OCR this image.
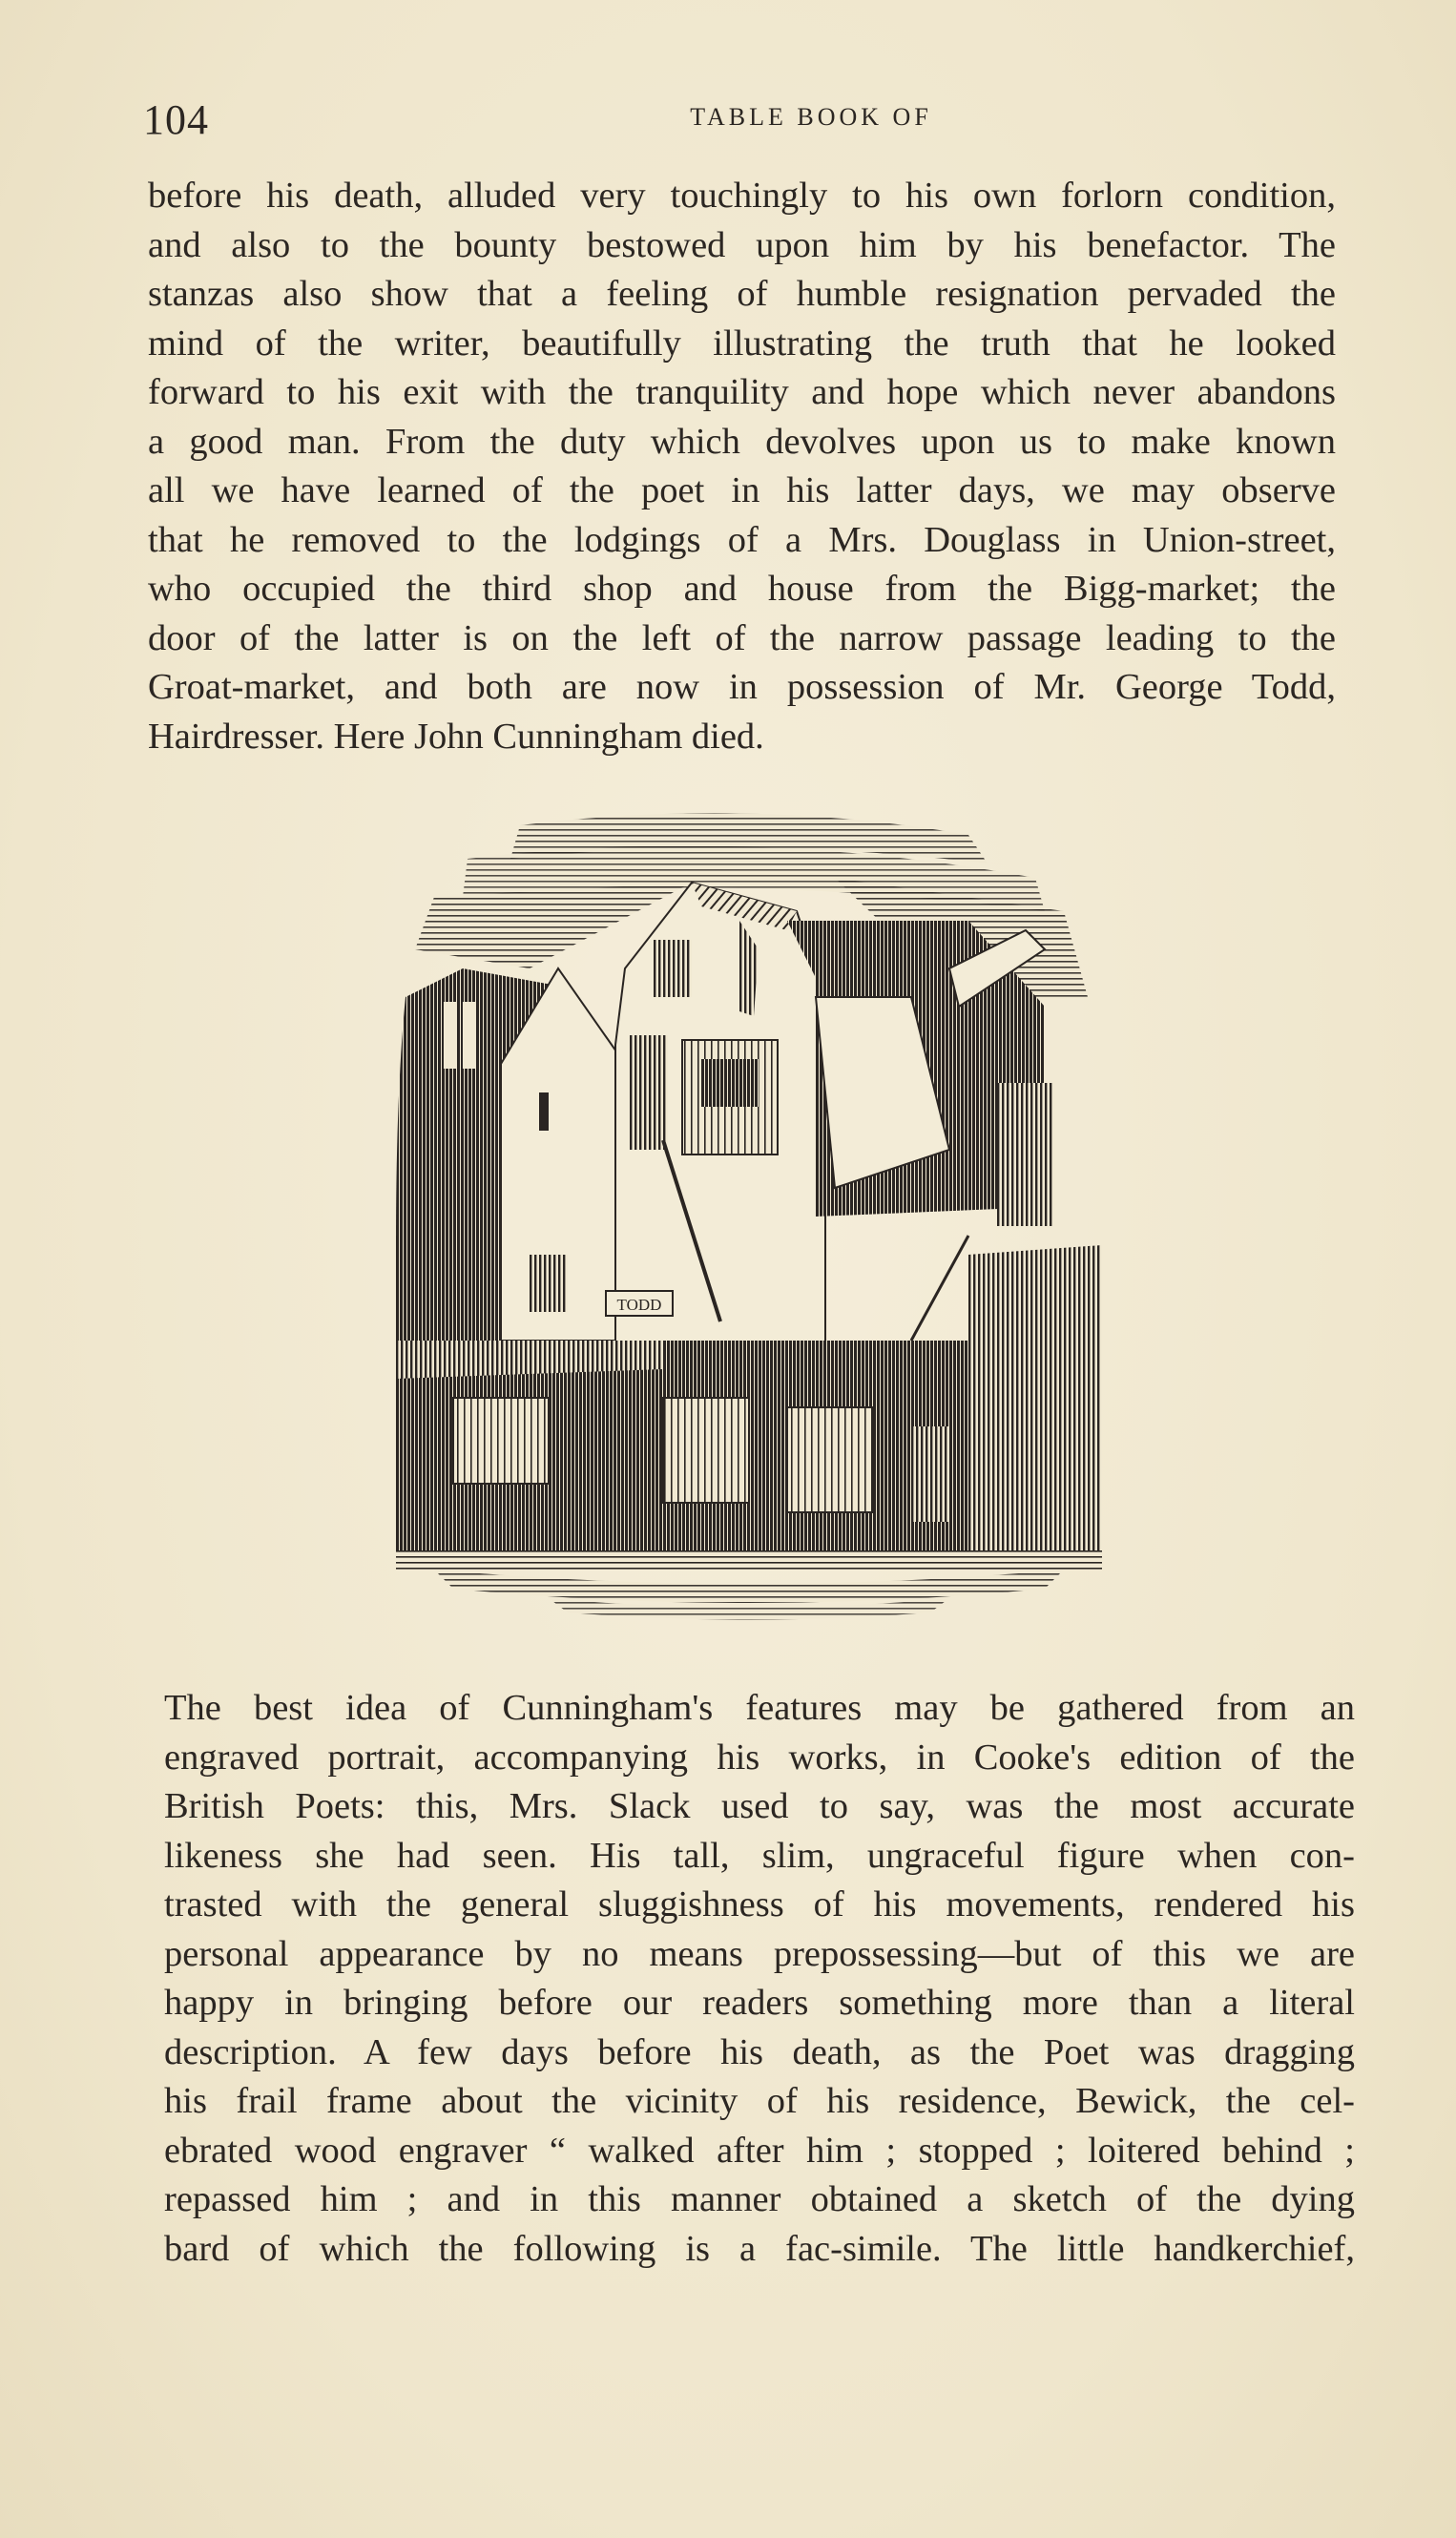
104	TABLE BOOK OF

before his death, alluded very touchingly to his own forlorn condition,
and also to the bounty bestowed upon him by his benefactor. The
stanzas also show that a feeling of humble resignation pervaded the
mind of the writer, beautifully illustrating the truth that he looked
forward to his exit with the tranquility and hope which never abandons
a good man. From the duty which devolves upon us to make known
all we have learned of the poet in his latter days, we may observe
that he removed to the lodgings of a Mrs. Douglass in Union-street,
who occupied the third shop and house from the Bigg-market; the
door of the latter is on the left of the narrow passage leading to the
Groat-market, and both are now in possession of Mr. George Todd,
Hairdresser. Here John Cunningham died.

TODD

The best idea of Cunningham's features may be gathered from an
engraved portrait, accompanying his works, in Cooke's edition of the
British Poets: this, Mrs. Slack used to say, was the most accurate
likeness she had seen. His tall, slim, ungraceful figure when con-
trasted with the general sluggishness of his movements, rendered his
personal appearance by no means prepossessing—but of this we are
happy in bringing before our readers something more than a literal
description. A few days before his death, as the Poet was dragging
his frail frame about the vicinity of his residence, Bewick, the cel-
ebrated wood engraver “ walked after him ; stopped ; loitered behind ;
repassed him ; and in this manner obtained a sketch of the dying
bard of which the following is a fac-simile. The little handkerchief,
